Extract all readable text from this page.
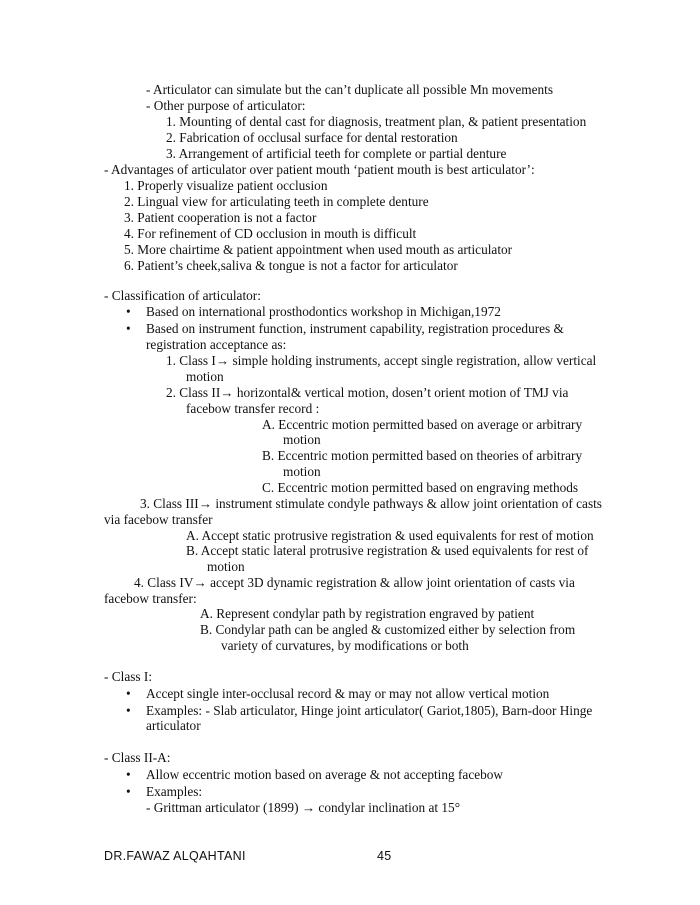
- Articulator can simulate but the can’t duplicate all possible Mn movements
- Other purpose of articulator:
1. Mounting of dental cast for diagnosis, treatment plan, & patient presentation
2. Fabrication of occlusal surface for dental restoration
3. Arrangement of artificial teeth for complete or partial denture
- Advantages of articulator over patient mouth ‘patient mouth is best articulator’:
1. Properly visualize patient occlusion
2. Lingual view for articulating teeth in complete denture
3. Patient cooperation is not a factor
4. For refinement of CD occlusion in mouth is difficult
5. More chairtime & patient appointment when used mouth as articulator
6. Patient’s cheek,saliva & tongue is not a factor for articulator
- Classification of articulator:
• Based on international prosthodontics workshop in Michigan,1972
• Based on instrument function, instrument capability, registration procedures &
registration acceptance as:
1. Class I→ simple holding instruments, accept single registration, allow vertical
motion
2. Class II→ horizontal& vertical motion, dosen’t orient motion of TMJ via
facebow transfer record :
A. Eccentric motion permitted based on average or arbitrary
motion
B. Eccentric motion permitted based on theories of arbitrary
motion
C. Eccentric motion permitted based on engraving methods
3. Class III→ instrument stimulate condyle pathways & allow joint orientation of casts
via facebow transfer
A. Accept static protrusive registration & used equivalents for rest of motion
B. Accept static lateral protrusive registration & used equivalents for rest of
motion
4. Class IV→ accept 3D dynamic registration & allow joint orientation of casts via
facebow transfer:
A. Represent condylar path by registration engraved by patient
B. Condylar path can be angled & customized either by selection from
variety of curvatures, by modifications or both
- Class I:
• Accept single inter-occlusal record & may or may not allow vertical motion
• Examples: - Slab articulator, Hinge joint articulator( Gariot,1805), Barn-door Hinge
articulator
- Class II-A:
• Allow eccentric motion based on average & not accepting facebow
• Examples:
- Grittman articulator (1899) → condylar inclination at 15°
DR.FAWAZ ALQAHTANI	45
